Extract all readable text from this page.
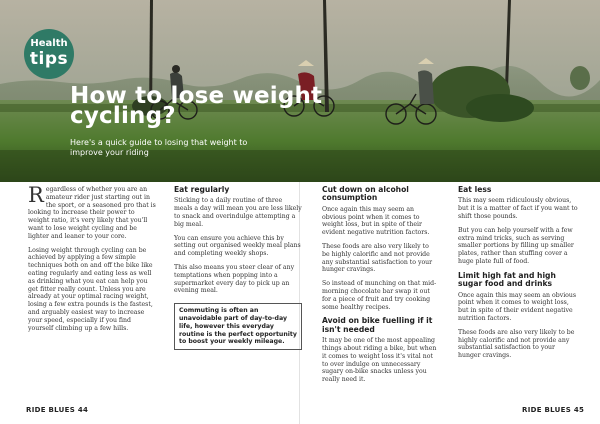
Health
tips
How to lose weight cycling?

Here's a quick guide to losing that weight to improve your riding

Regardless of whether you are an amateur rider just starting out in the sport, or a seasoned pro that is looking to increase their power to weight ratio, it's very likely that you'll want to lose weight cycling and be lighter and leaner to your core.

Losing weight through cycling can be achieved by applying a few simple techniques both on and off the bike like eating regularly and eating less as well as drinking what you eat can help you get fitter really count. Unless you are already at your optimal racing weight, losing a few extra pounds is the fastest, and arguably easiest way to increase your speed, especially if you find yourself climbing up a few hills.

Eat regularly

Sticking to a daily routine of three meals a day will mean you are less likely to snack and overindulge attempting a big meal.

You can ensure you achieve this by setting out organised weekly meal plans and completing weekly shops.

This also means you steer clear of any temptations when popping into a supermarket every day to pick up an evening meal.

Commuting is often an unavoidable part of day-to-day life, however this everyday routine is the perfect opportunity to boost your weekly mileage.
Cut down on alcohol consumption

Once again this may seem an obvious point when it comes to weight loss, but in spite of their evident negative nutrition factors.

These foods are also very likely to be highly calorific and not provide any substantial satisfaction to your hunger cravings.

So instead of munching on that mid-morning chocolate bar swap it out for a piece of fruit and try cooking some healthy recipes.

Avoid on bike fuelling if it isn't needed

It may be one of the most appealing things about riding a bike, but when it comes to weight loss it's vital not to over indulge on unnecessary sugary on-bike snacks unless you really need it.

Eat less

This may seem ridiculously obvious, but it is a matter of fact if you want to shift those pounds.

But you can help yourself with a few extra mind tricks, such as serving smaller portions by filling up smaller plates, rather than stuffing cover a huge plate full of food.

Limit high fat and high sugar food and drinks

Once again this may seem an obvious point when it comes to weight loss, but in spite of their evident negative nutrition factors.

These foods are also very likely to be highly calorific and not provide any substantial satisfaction to your hunger cravings.

RIDE BLUES 44	RIDE BLUES 45
